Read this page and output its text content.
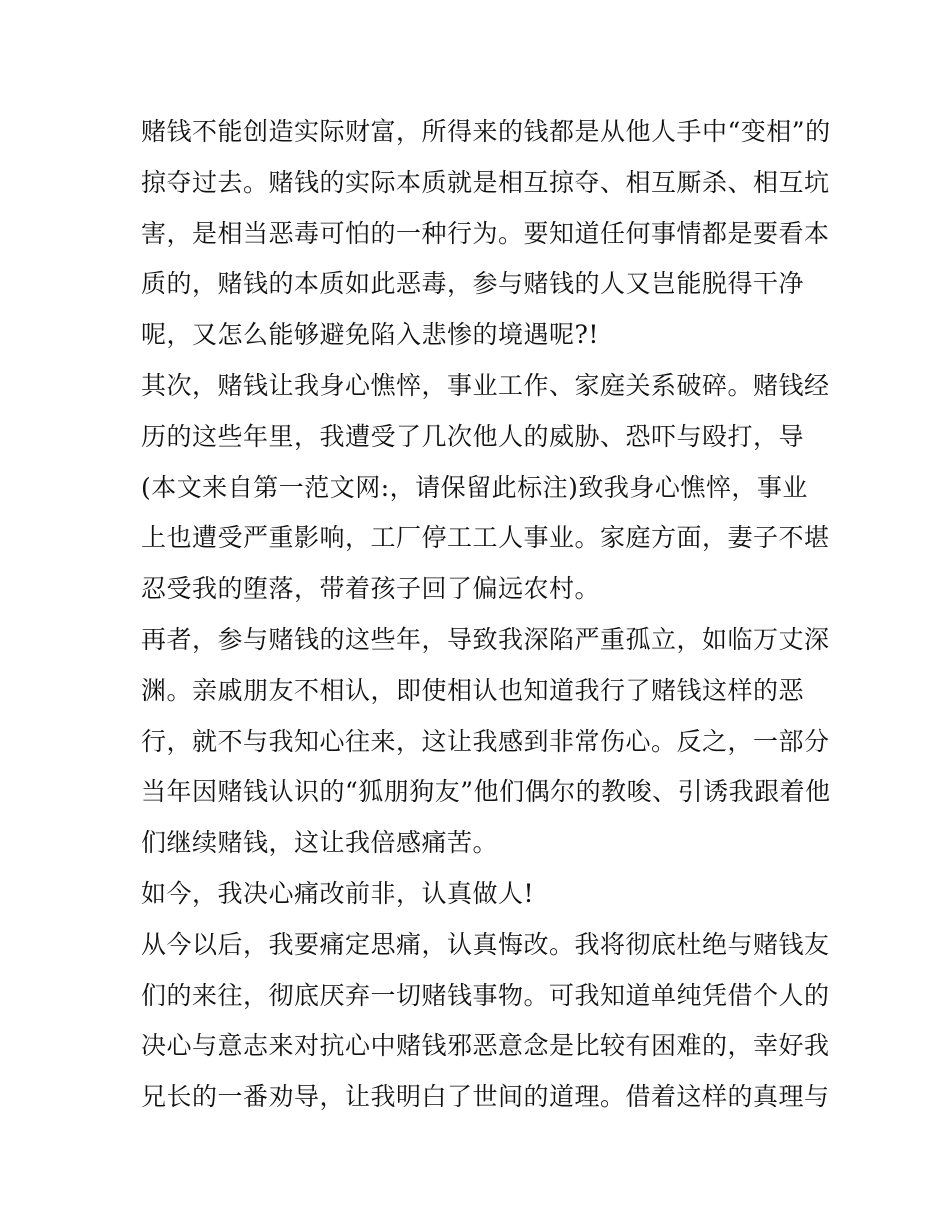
赌钱不能创造实际财富，所得来的钱都是从他人手中“变相”的
掠夺过去。赌钱的实际本质就是相互掠夺、相互厮杀、相互坑
害，是相当恶毒可怕的一种行为。要知道任何事情都是要看本
质的，赌钱的本质如此恶毒，参与赌钱的人又岂能脱得干净
呢，又怎么能够避免陷入悲惨的境遇呢?!
其次，赌钱让我身心憔悴，事业工作、家庭关系破碎。赌钱经
历的这些年里，我遭受了几次他人的威胁、恐吓与殴打，导
(本文来自第一范文网:，请保留此标注)致我身心憔悴，事业
上也遭受严重影响，工厂停工工人事业。家庭方面，妻子不堪
忍受我的堕落，带着孩子回了偏远农村。
再者，参与赌钱的这些年，导致我深陷严重孤立，如临万丈深
渊。亲戚朋友不相认，即使相认也知道我行了赌钱这样的恶
行，就不与我知心往来，这让我感到非常伤心。反之，一部分
当年因赌钱认识的“狐朋狗友”他们偶尔的教唆、引诱我跟着他
们继续赌钱，这让我倍感痛苦。
如今，我决心痛改前非，认真做人!
从今以后，我要痛定思痛，认真悔改。我将彻底杜绝与赌钱友
们的来往，彻底厌弃一切赌钱事物。可我知道单纯凭借个人的
决心与意志来对抗心中赌钱邪恶意念是比较有困难的，幸好我
兄长的一番劝导，让我明白了世间的道理。借着这样的真理与
